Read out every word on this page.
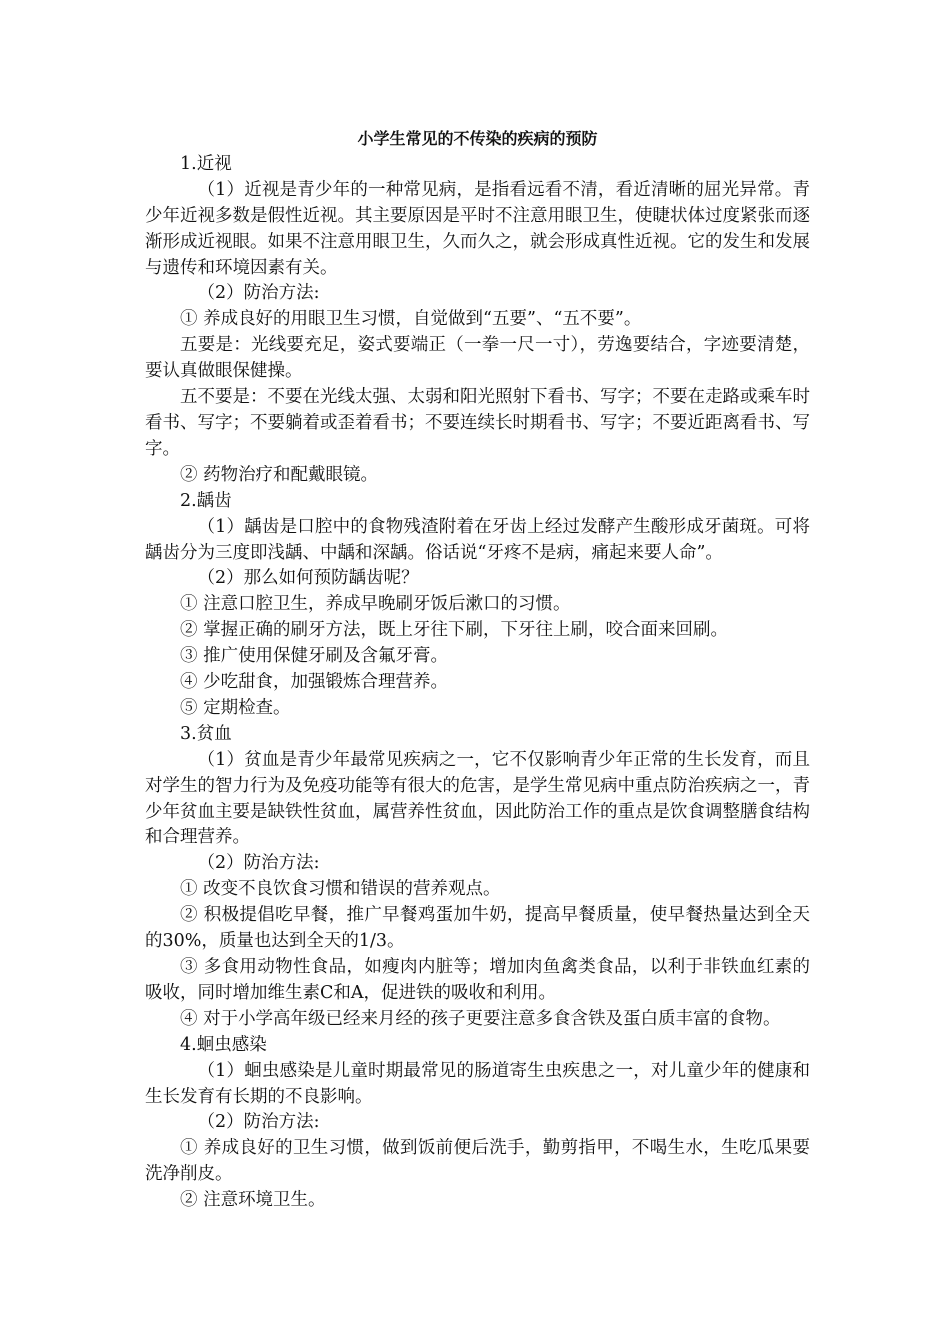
小学生常见的不传染的疾病的预防

1.近视

（1）近视是青少年的一种常见病，是指看远看不清，看近清晰的屈光异常。青少年近视多数是假性近视。其主要原因是平时不注意用眼卫生，使睫状体过度紧张而逐渐形成近视眼。如果不注意用眼卫生，久而久之，就会形成真性近视。它的发生和发展与遗传和环境因素有关。

（2）防治方法:

① 养成良好的用眼卫生习惯，自觉做到“五要”、“五不要”。

五要是：光线要充足，姿式要端正（一拳一尺一寸），劳逸要结合，字迹要清楚，要认真做眼保健操。

五不要是：不要在光线太强、太弱和阳光照射下看书、写字；不要在走路或乘车时看书、写字；不要躺着或歪着看书；不要连续长时期看书、写字；不要近距离看书、写字。

② 药物治疗和配戴眼镜。

2.龋齿

（1）龋齿是口腔中的食物残渣附着在牙齿上经过发酵产生酸形成牙菌斑。可将龋齿分为三度即浅龋、中龋和深龋。俗话说“牙疼不是病，痛起来要人命”。

（2）那么如何预防龋齿呢？

① 注意口腔卫生，养成早晚刷牙饭后漱口的习惯。

② 掌握正确的刷牙方法，既上牙往下刷，下牙往上刷，咬合面来回刷。

③ 推广使用保健牙刷及含氟牙膏。

④ 少吃甜食，加强锻炼合理营养。

⑤ 定期检查。

3.贫血

（1）贫血是青少年最常见疾病之一，它不仅影响青少年正常的生长发育，而且对学生的智力行为及免疫功能等有很大的危害，是学生常见病中重点防治疾病之一，青少年贫血主要是缺铁性贫血，属营养性贫血，因此防治工作的重点是饮食调整膳食结构和合理营养。

（2）防治方法:

① 改变不良饮食习惯和错误的营养观点。

② 积极提倡吃早餐，推广早餐鸡蛋加牛奶，提高早餐质量，使早餐热量达到全天的30%，质量也达到全天的1/3。

③ 多食用动物性食品，如瘦肉内脏等；增加肉鱼禽类食品，以利于非铁血红素的吸收，同时增加维生素C和A，促进铁的吸收和利用。

④ 对于小学高年级已经来月经的孩子更要注意多食含铁及蛋白质丰富的食物。

4.蛔虫感染

（1）蛔虫感染是儿童时期最常见的肠道寄生虫疾患之一，对儿童少年的健康和生长发育有长期的不良影响。

（2）防治方法:

① 养成良好的卫生习惯，做到饭前便后洗手，勤剪指甲，不喝生水，生吃瓜果要洗净削皮。

② 注意环境卫生。
